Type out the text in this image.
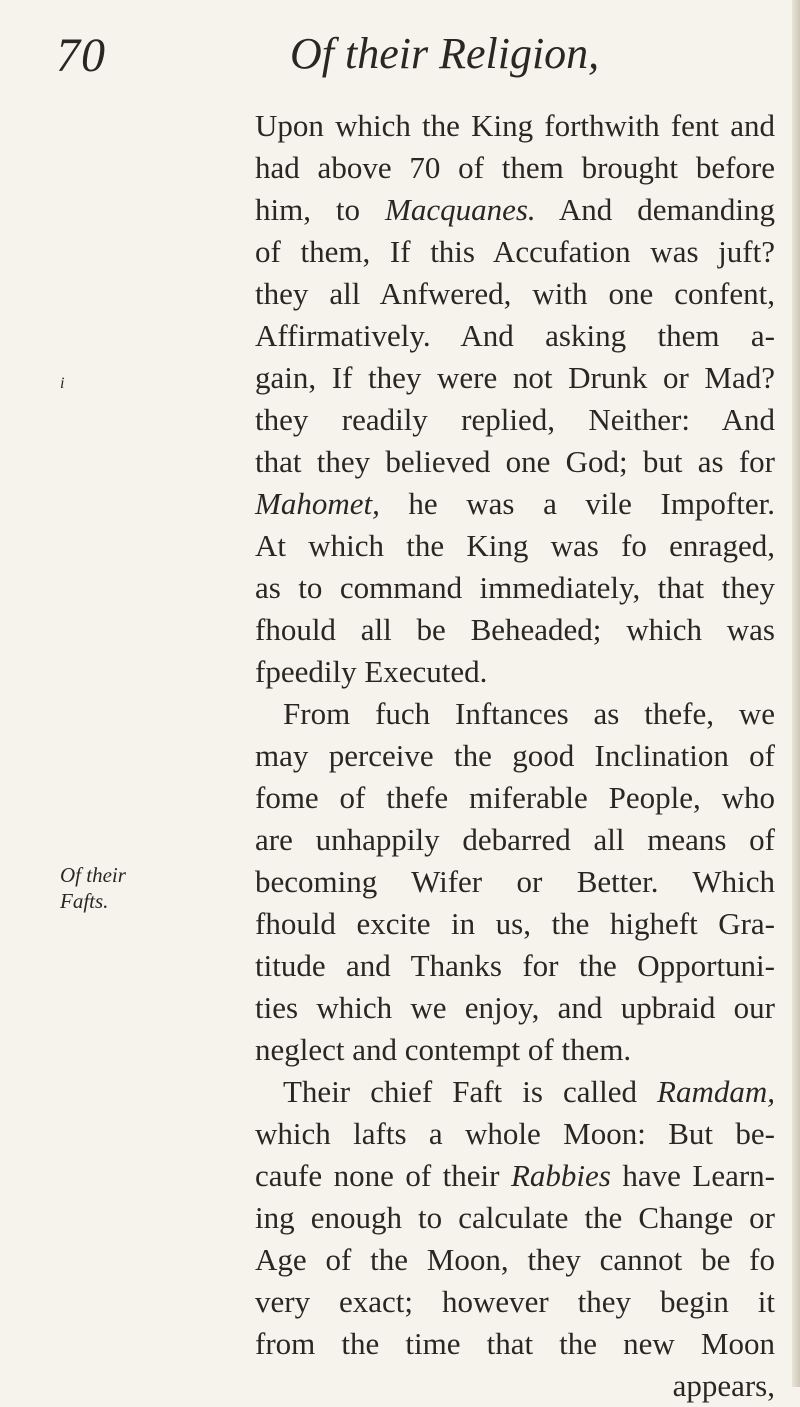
70	Of their Religion,
i
Of their
Fafts.
Upon which the King forthwith fent and
had above 70 of them brought before
him, to Macquanes. And demanding
of them, If this Accufation was juft?
they all Anfwered, with one confent,
Affirmatively. And asking them a-
gain, If they were not Drunk or Mad?
they readily replied, Neither: And
that they believed one God; but as for
Mahomet, he was a vile Impofter.
At which the King was fo enraged,
as to command immediately, that they
fhould all be Beheaded; which was
fpeedily Executed.
From fuch Inftances as thefe, we
may perceive the good Inclination of
fome of thefe miferable People, who
are unhappily debarred all means of
becoming Wifer or Better. Which
fhould excite in us, the higheft Gra-
titude and Thanks for the Opportuni-
ties which we enjoy, and upbraid our
neglect and contempt of them.
Their chief Faft is called Ramdam,
which lafts a whole Moon: But be-
caufe none of their Rabbies have Learn-
ing enough to calculate the Change or
Age of the Moon, they cannot be fo
very exact; however they begin it
from the time that the new Moon
appears,
